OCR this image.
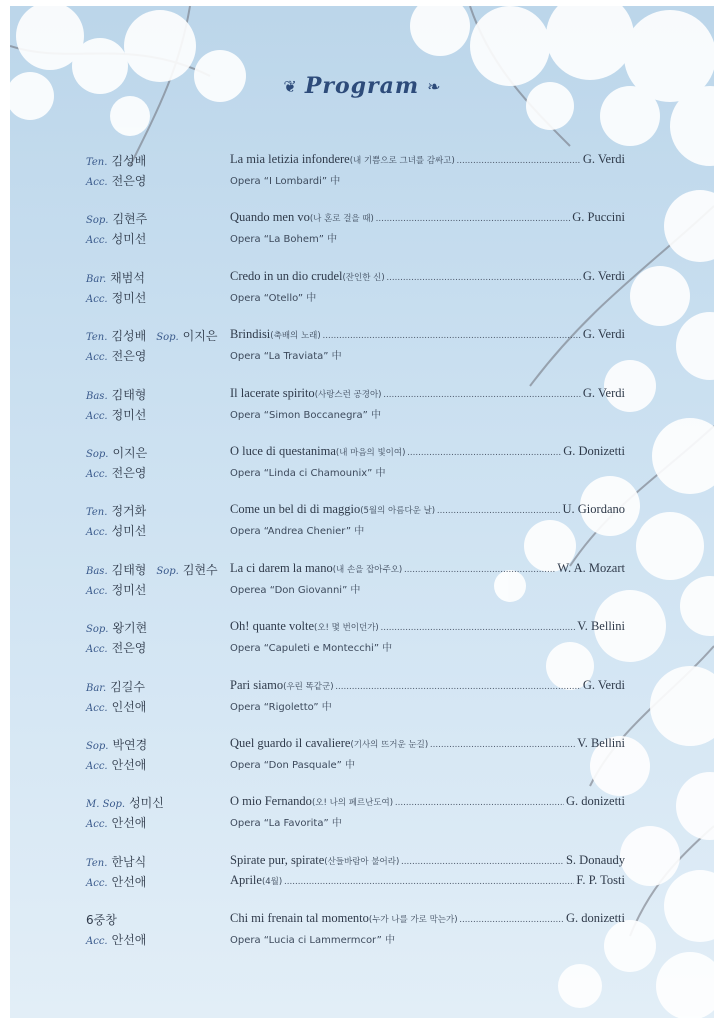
❦ Program ❧
Ten. 김성배
Acc. 전은영
La mia letizia infondere (내 기쁨으로 그녀를 감싸고) .....	G. Verdi
Opera “I Lombardi” 中
Sop. 김현주
Acc. 성미선
Quando men vo (나 혼로 걸을 때) .....	G. Puccini
Opera “La Bohem” 中
Bar. 채범석
Acc. 정미선
Credo in un dio crudel (잔인한 신) .....	G. Verdi
Opera “Otello” 中
Ten. 김성배 Sop. 이지은
Acc. 전은영
Brindisi (축배의 노래) .....	G. Verdi
Opera “La Traviata” 中
Bas. 김태형
Acc. 정미선
Il lacerate spirito (사랑스런 공경아) .....	G. Verdi
Opera “Simon Boccanegra” 中
Sop. 이지은
Acc. 전은영
O luce di questanima (내 마음의 빛이여) .....	G. Donizetti
Opera “Linda ci Chamounix” 中
Ten. 정거화
Acc. 성미선
Come un bel di di maggio (5월의 아름다운 날) .....	U. Giordano
Opera “Andrea Chenier” 中
Bas. 김태형 Sop. 김현수
Acc. 정미선
La ci darem la mano (내 손을 잡아주오) .....	W. A. Mozart
Operea “Don Giovanni” 中
Sop. 왕기현
Acc. 전은영
Oh! quante volte (오! 몇 번이던가) .....	V. Bellini
Opera “Capuleti e Montecchi” 中
Bar. 김길수
Acc. 인선애
Pari siamo (우린 똑같군) .....	G. Verdi
Opera “Rigoletto” 中
Sop. 박연경
Acc. 안선애
Quel guardo il cavaliere (기사의 뜨거운 눈길) .....	V. Bellini
Opera “Don Pasquale” 中
M. Sop. 성미신
Acc. 안선애
O mio Fernando (오! 나의 페르난도여) .....	G. donizetti
Opera “La Favorita” 中
Ten. 한남식
Acc. 안선애
Spirate pur, spirate (산들바람아 불어라) .....	S. Donaudy
Aprile (4월) .....	F. P. Tosti
6중창
Acc. 안선애
Chi mi frenain tal momento (누가 나를 가로 막는가) .....	G. donizetti
Opera “Lucia ci Lammermcor” 中
